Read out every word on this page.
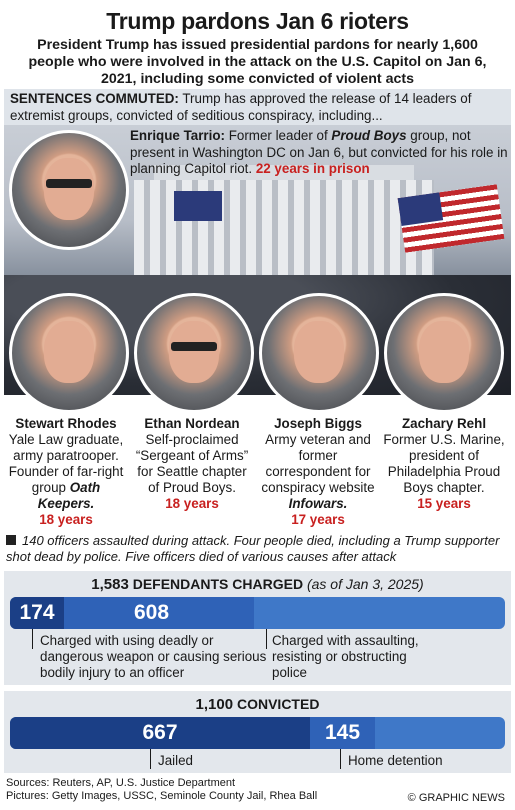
Trump pardons Jan 6 rioters
President Trump has issued presidential pardons for nearly 1,600 people who were involved in the attack on the U.S. Capitol on Jan 6, 2021, including some convicted of violent acts
SENTENCES COMMUTED: Trump has approved the release of 14 leaders of extremist groups, convicted of seditious conspiracy, including...
Enrique Tarrio: Former leader of Proud Boys group, not present in Washington DC on Jan 6, but convicted for his role in planning Capitol riot. 22 years in prison
Stewart Rhodes
Yale Law graduate, army paratrooper. Founder of far-right group Oath Keepers.
18 years
Ethan Nordean
Self-proclaimed “Sergeant of Arms” for Seattle chapter of Proud Boys.
18 years
Joseph Biggs
Army veteran and former correspondent for conspiracy website Infowars.
17 years
Zachary Rehl
Former U.S. Marine, president of Philadelphia Proud Boys chapter.
15 years
140 officers assaulted during attack. Four people died, including a Trump supporter shot dead by police. Five officers died of various causes after attack
1,583 DEFENDANTS CHARGED (as of Jan 3, 2025)
174	608
Charged with using deadly or dangerous weapon or causing serious bodily injury to an officer
Charged with assaulting, resisting or obstructing police
1,100 CONVICTED
667	145
Jailed	Home detention
Sources: Reuters, AP, U.S. Justice Department
Pictures: Getty Images, USSC, Seminole County Jail, Rhea Ball	© GRAPHIC NEWS
